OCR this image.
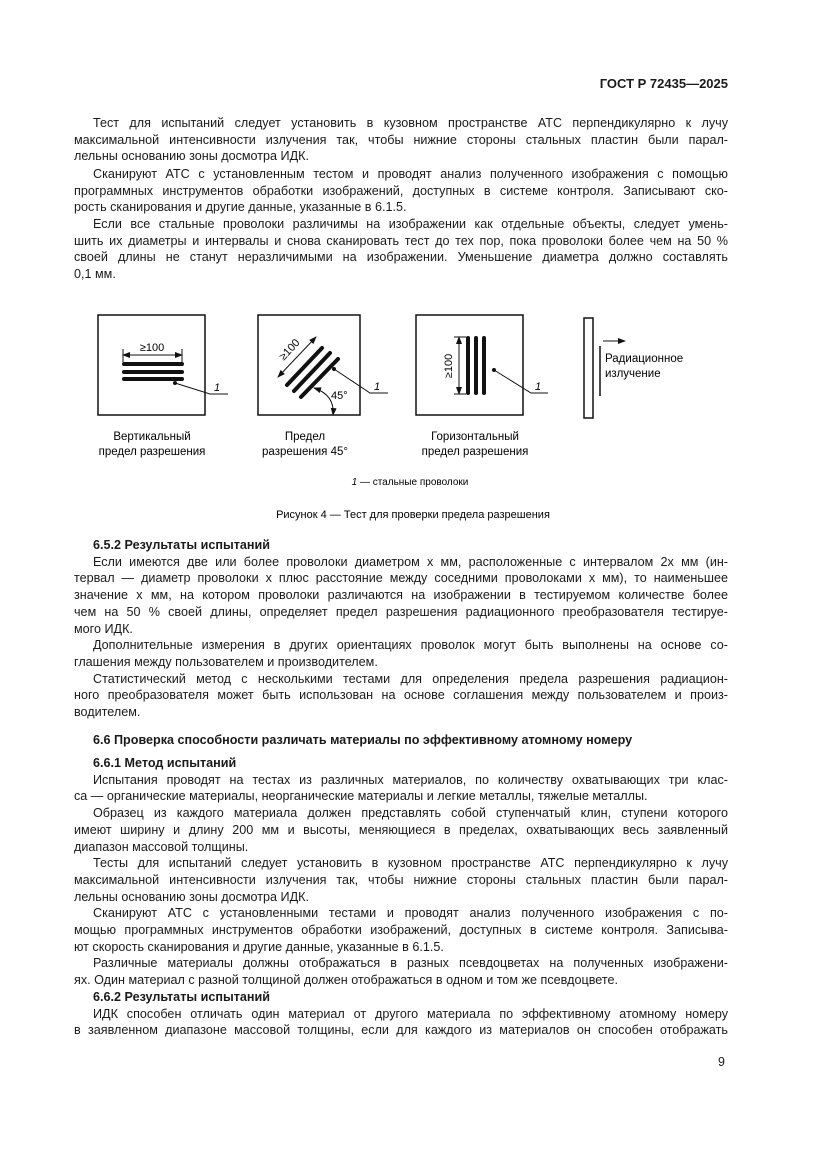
ГОСТ Р 72435—2025
Тест для испытаний следует установить в кузовном пространстве АТС перпендикулярно к лучу
максимальной интенсивности излучения так, чтобы нижние стороны стальных пластин были парал-
лельны основанию зоны досмотра ИДК.
Сканируют АТС с установленным тестом и проводят анализ полученного изображения с помощью
программных инструментов обработки изображений, доступных в системе контроля. Записывают ско-
рость сканирования и другие данные, указанные в 6.1.5.
Если все стальные проволоки различимы на изображении как отдельные объекты, следует умень-
шить их диаметры и интервалы и снова сканировать тест до тех пор, пока проволоки более чем на 50 %
своей длины не станут неразличимыми на изображении. Уменьшение диаметра должно составлять
0,1 мм.
≥100
1
Вертикальный
предел разрешения
≥100
45°
1
Предел
разрешения 45°
≥100
1
Горизонтальный
предел разрешения
Радиационное
излучение
1 — стальные проволоки
Рисунок 4 — Тест для проверки предела разрешения
6.5.2 Результаты испытаний
Если имеются две или более проволоки диаметром x мм, расположенные с интервалом 2x мм (ин-
тервал — диаметр проволоки x плюс расстояние между соседними проволоками x мм), то наименьшее
значение x мм, на котором проволоки различаются на изображении в тестируемом количестве более
чем на 50 % своей длины, определяет предел разрешения радиационного преобразователя тестируе-
мого ИДК.
Дополнительные измерения в других ориентациях проволок могут быть выполнены на основе со-
глашения между пользователем и производителем.
Статистический метод с несколькими тестами для определения предела разрешения радиацион-
ного преобразователя может быть использован на основе соглашения между пользователем и произ-
водителем.
6.6 Проверка способности различать материалы по эффективному атомному номеру
6.6.1 Метод испытаний
Испытания проводят на тестах из различных материалов, по количеству охватывающих три клас-
са — органические материалы, неорганические материалы и легкие металлы, тяжелые металлы.
Образец из каждого материала должен представлять собой ступенчатый клин, ступени которого
имеют ширину и длину 200 мм и высоты, меняющиеся в пределах, охватывающих весь заявленный
диапазон массовой толщины.
Тесты для испытаний следует установить в кузовном пространстве АТС перпендикулярно к лучу
максимальной интенсивности излучения так, чтобы нижние стороны стальных пластин были парал-
лельны основанию зоны досмотра ИДК.
Сканируют АТС с установленными тестами и проводят анализ полученного изображения с по-
мощью программных инструментов обработки изображений, доступных в системе контроля. Записыва-
ют скорость сканирования и другие данные, указанные в 6.1.5.
Различные материалы должны отображаться в разных псевдоцветах на полученных изображени-
ях. Один материал с разной толщиной должен отображаться в одном и том же псевдоцвете.
6.6.2 Результаты испытаний
ИДК способен отличать один материал от другого материала по эффективному атомному номеру
в заявленном диапазоне массовой толщины, если для каждого из материалов он способен отображать
9
